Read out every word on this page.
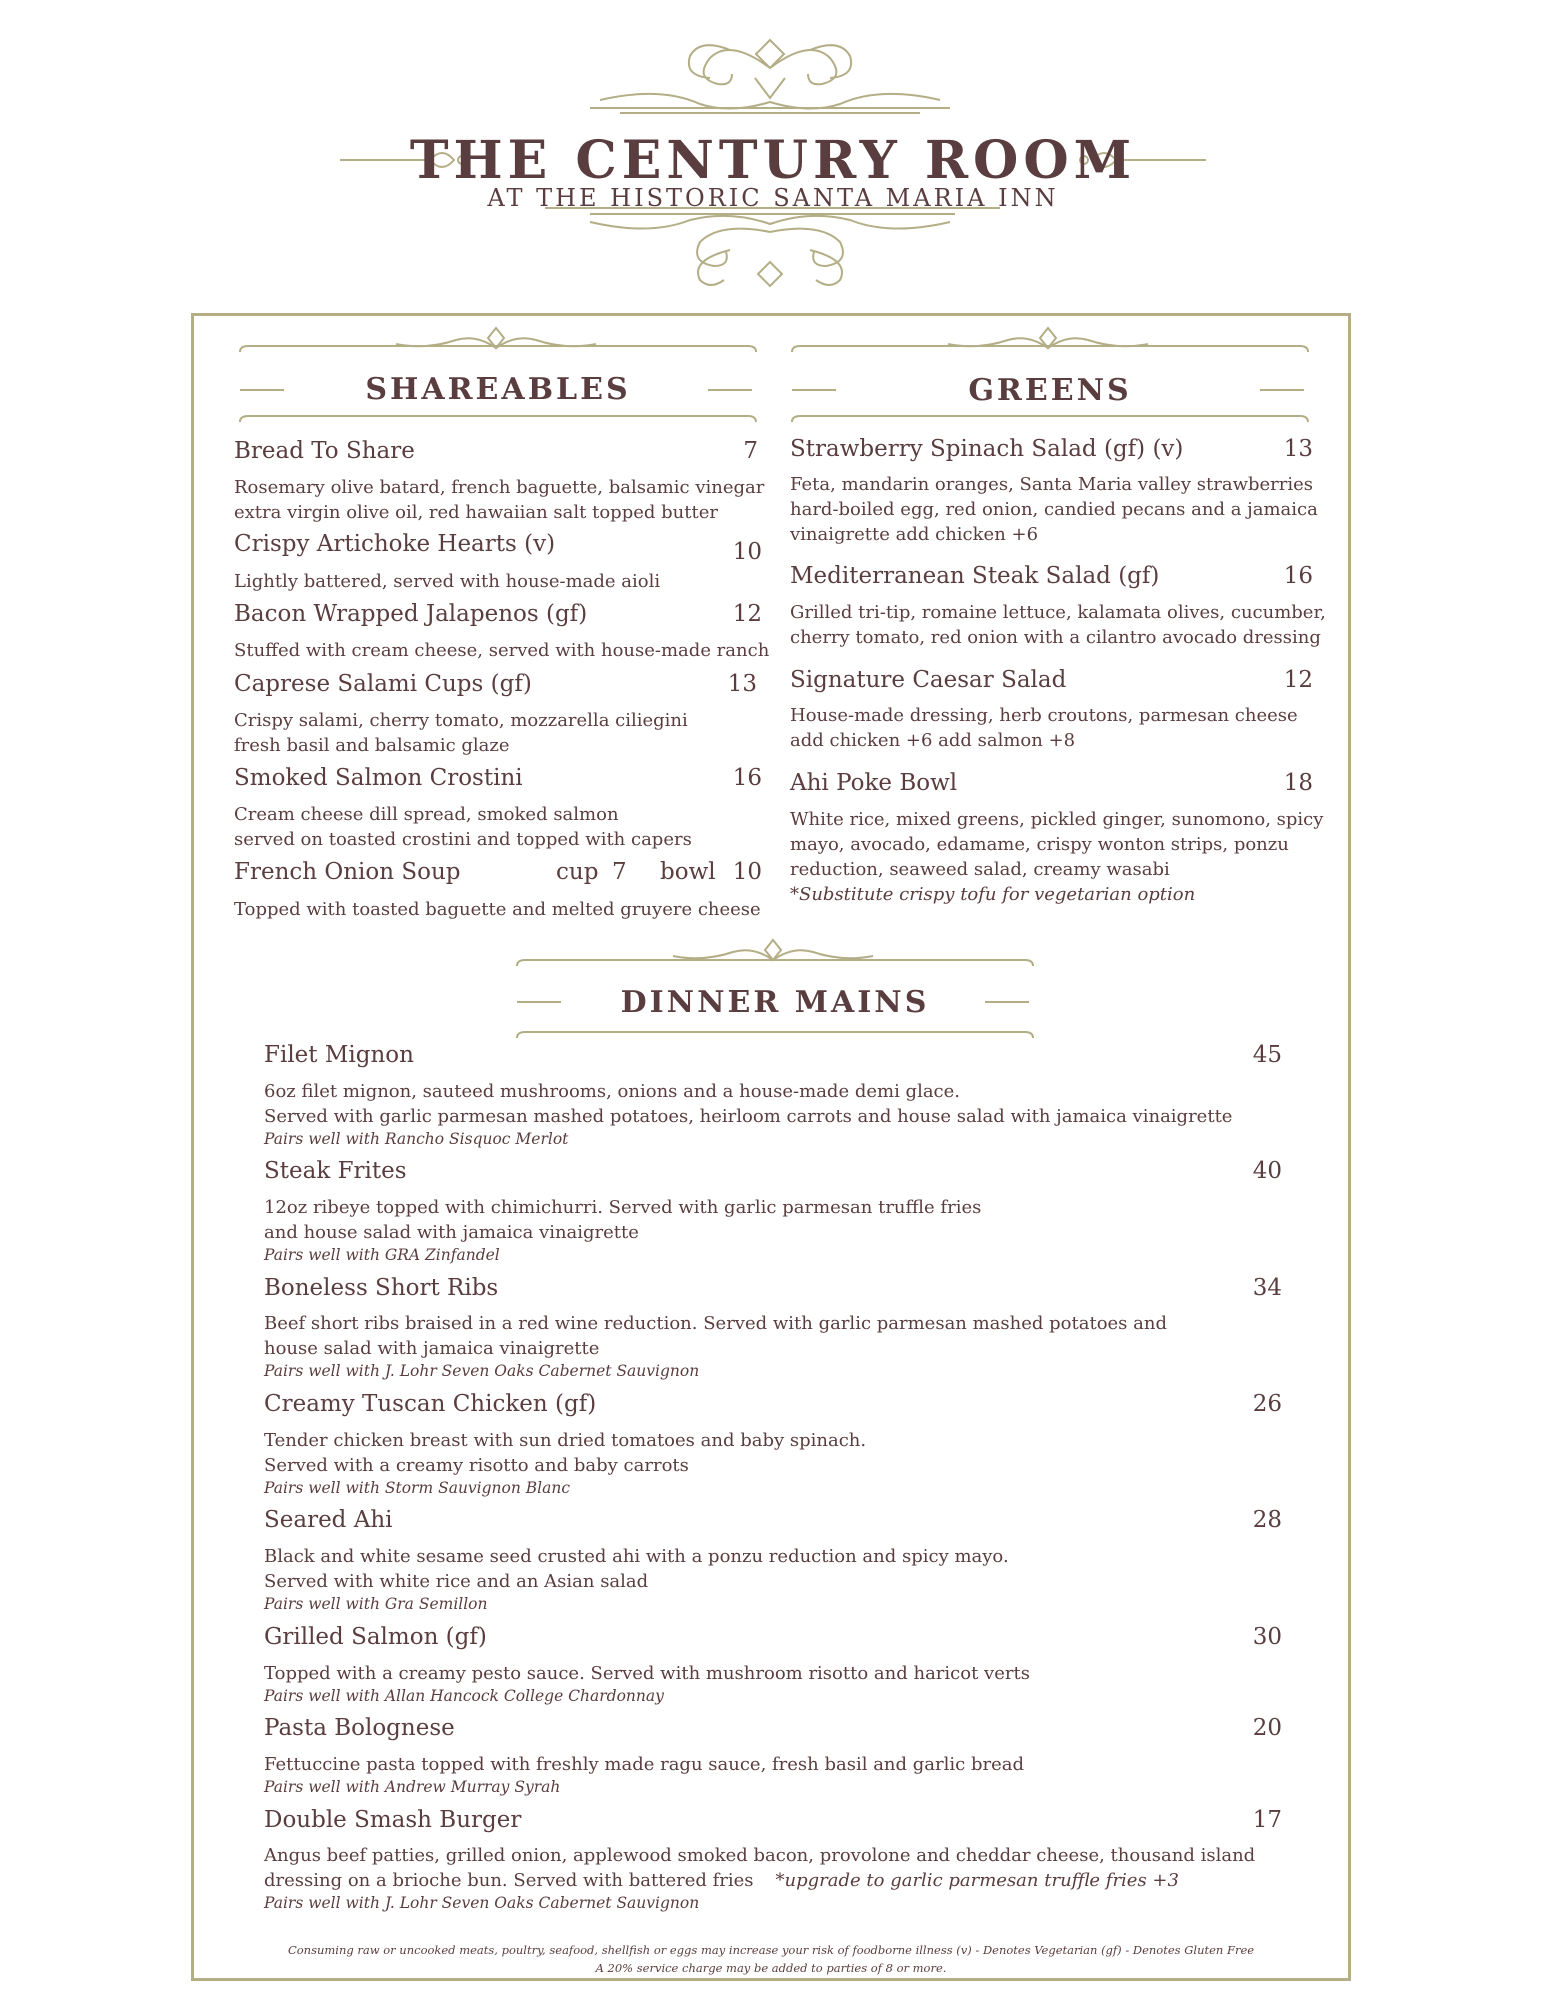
THE CENTURY ROOM
AT THE HISTORIC SANTA MARIA INN
SHAREABLES	GREENS
DINNER MAINS
Bread To Share	7
Rosemary olive batard, french baguette, balsamic vinegar
extra virgin olive oil, red hawaiian salt topped butter
Crispy Artichoke Hearts (v)	10
Lightly battered, served with house-made aioli
Bacon Wrapped Jalapenos (gf)	12
Stuffed with cream cheese, served with house-made ranch
Caprese Salami Cups (gf)	13
Crispy salami, cherry tomato, mozzarella ciliegini
fresh basil and balsamic glaze
Smoked Salmon Crostini	16
Cream cheese dill spread, smoked salmon
served on toasted crostini and topped with capers
French Onion Soup	cup 7 bowl 10
Topped with toasted baguette and melted gruyere cheese
Strawberry Spinach Salad (gf) (v)	13
Feta, mandarin oranges, Santa Maria valley strawberries
hard-boiled egg, red onion, candied pecans and a jamaica
vinaigrette add chicken +6
Mediterranean Steak Salad (gf)	16
Grilled tri-tip, romaine lettuce, kalamata olives, cucumber,
cherry tomato, red onion with a cilantro avocado dressing
Signature Caesar Salad	12
House-made dressing, herb croutons, parmesan cheese
add chicken +6 add salmon +8
Ahi Poke Bowl	18
White rice, mixed greens, pickled ginger, sunomono, spicy
mayo, avocado, edamame, crispy wonton strips, ponzu
reduction, seaweed salad, creamy wasabi
*Substitute crispy tofu for vegetarian option
Filet Mignon	45
6oz filet mignon, sauteed mushrooms, onions and a house-made demi glace.
Served with garlic parmesan mashed potatoes, heirloom carrots and house salad with jamaica vinaigrette
Pairs well with Rancho Sisquoc Merlot
Steak Frites	40
12oz ribeye topped with chimichurri. Served with garlic parmesan truffle fries
and house salad with jamaica vinaigrette
Pairs well with GRA Zinfandel
Boneless Short Ribs	34
Beef short ribs braised in a red wine reduction. Served with garlic parmesan mashed potatoes and
house salad with jamaica vinaigrette
Pairs well with J. Lohr Seven Oaks Cabernet Sauvignon
Creamy Tuscan Chicken (gf)	26
Tender chicken breast with sun dried tomatoes and baby spinach.
Served with a creamy risotto and baby carrots
Pairs well with Storm Sauvignon Blanc
Seared Ahi	28
Black and white sesame seed crusted ahi with a ponzu reduction and spicy mayo.
Served with white rice and an Asian salad
Pairs well with Gra Semillon
Grilled Salmon (gf)	30
Topped with a creamy pesto sauce. Served with mushroom risotto and haricot verts
Pairs well with Allan Hancock College Chardonnay
Pasta Bolognese	20
Fettuccine pasta topped with freshly made ragu sauce, fresh basil and garlic bread
Pairs well with Andrew Murray Syrah
Double Smash Burger	17
Angus beef patties, grilled onion, applewood smoked bacon, provolone and cheddar cheese, thousand island
dressing on a brioche bun. Served with battered fries *upgrade to garlic parmesan truffle fries +3
Pairs well with J. Lohr Seven Oaks Cabernet Sauvignon
Consuming raw or uncooked meats, poultry, seafood, shellfish or eggs may increase your risk of foodborne illness (v) - Denotes Vegetarian (gf) - Denotes Gluten Free
A 20% service charge may be added to parties of 8 or more.
